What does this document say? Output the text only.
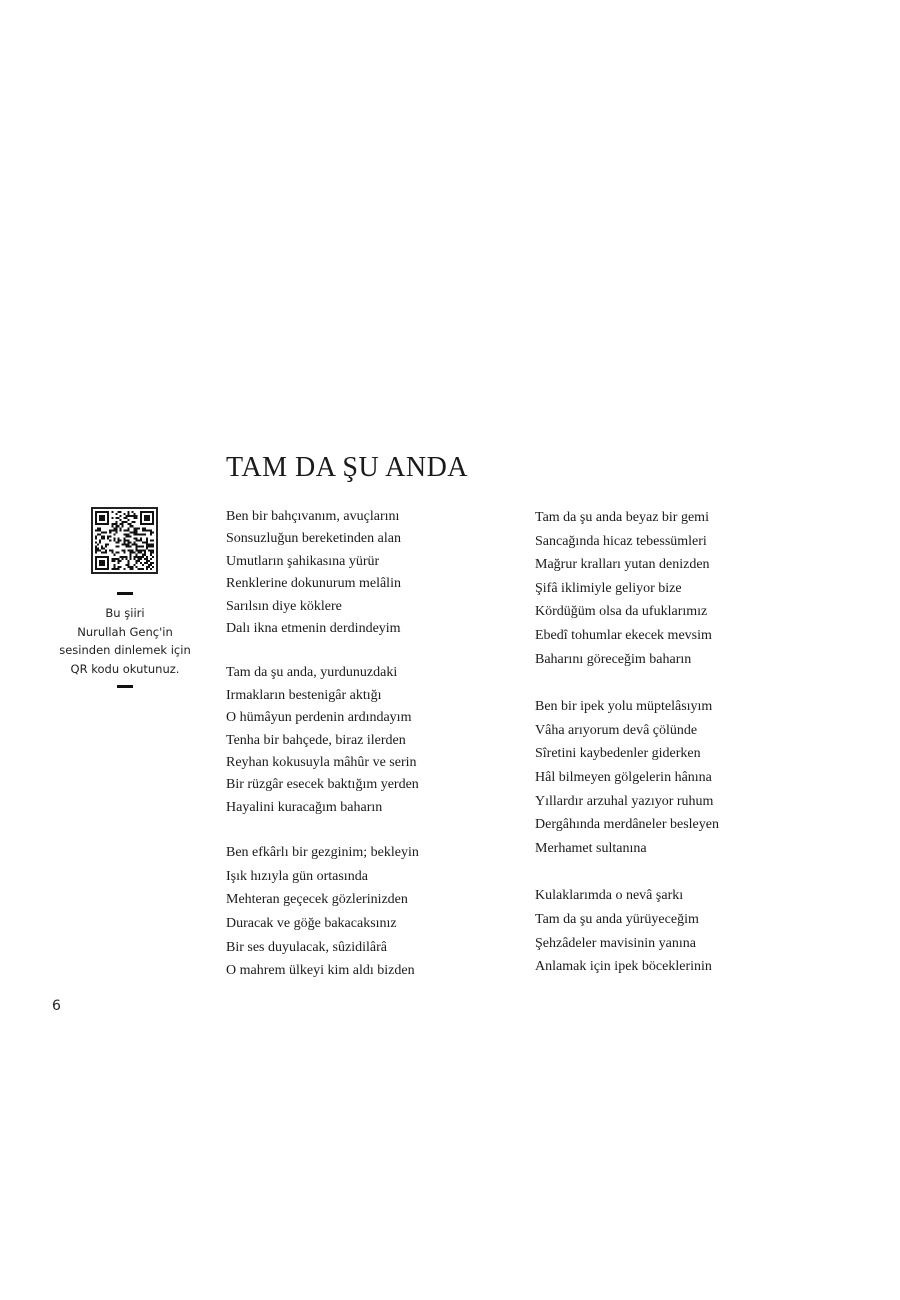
TAM DA ŞU ANDA
Bu şiiri
Nurullah Genç'in
sesinden dinlemek için
QR kodu okutunuz.
Ben bir bahçıvanım, avuçlarını
Sonsuzluğun bereketinden alan
Umutların şahikasına yürür
Renklerine dokunurum melâlin
Sarılsın diye köklere
Dalı ikna etmenin derdindeyim
Tam da şu anda, yurdunuzdaki
Irmakların bestenigâr aktığı
O hümâyun perdenin ardındayım
Tenha bir bahçede, biraz ilerden
Reyhan kokusuyla mâhûr ve serin
Bir rüzgâr esecek baktığım yerden
Hayalini kuracağım baharın
Ben efkârlı bir gezginim; bekleyin
Işık hızıyla gün ortasında
Mehteran geçecek gözlerinizden
Duracak ve göğe bakacaksınız
Bir ses duyulacak, sûzidilârâ
O mahrem ülkeyi kim aldı bizden
Tam da şu anda beyaz bir gemi
Sancağında hicaz tebessümleri
Mağrur kralları yutan denizden
Şifâ iklimiyle geliyor bize
Kördüğüm olsa da ufuklarımız
Ebedî tohumlar ekecek mevsim
Baharını göreceğim baharın
Ben bir ipek yolu müptelâsıyım
Vâha arıyorum devâ çölünde
Sîretini kaybedenler giderken
Hâl bilmeyen gölgelerin hânına
Yıllardır arzuhal yazıyor ruhum
Dergâhında merdâneler besleyen
Merhamet sultanına
Kulaklarımda o nevâ şarkı
Tam da şu anda yürüyeceğim
Şehzâdeler mavisinin yanına
Anlamak için ipek böceklerinin
6
